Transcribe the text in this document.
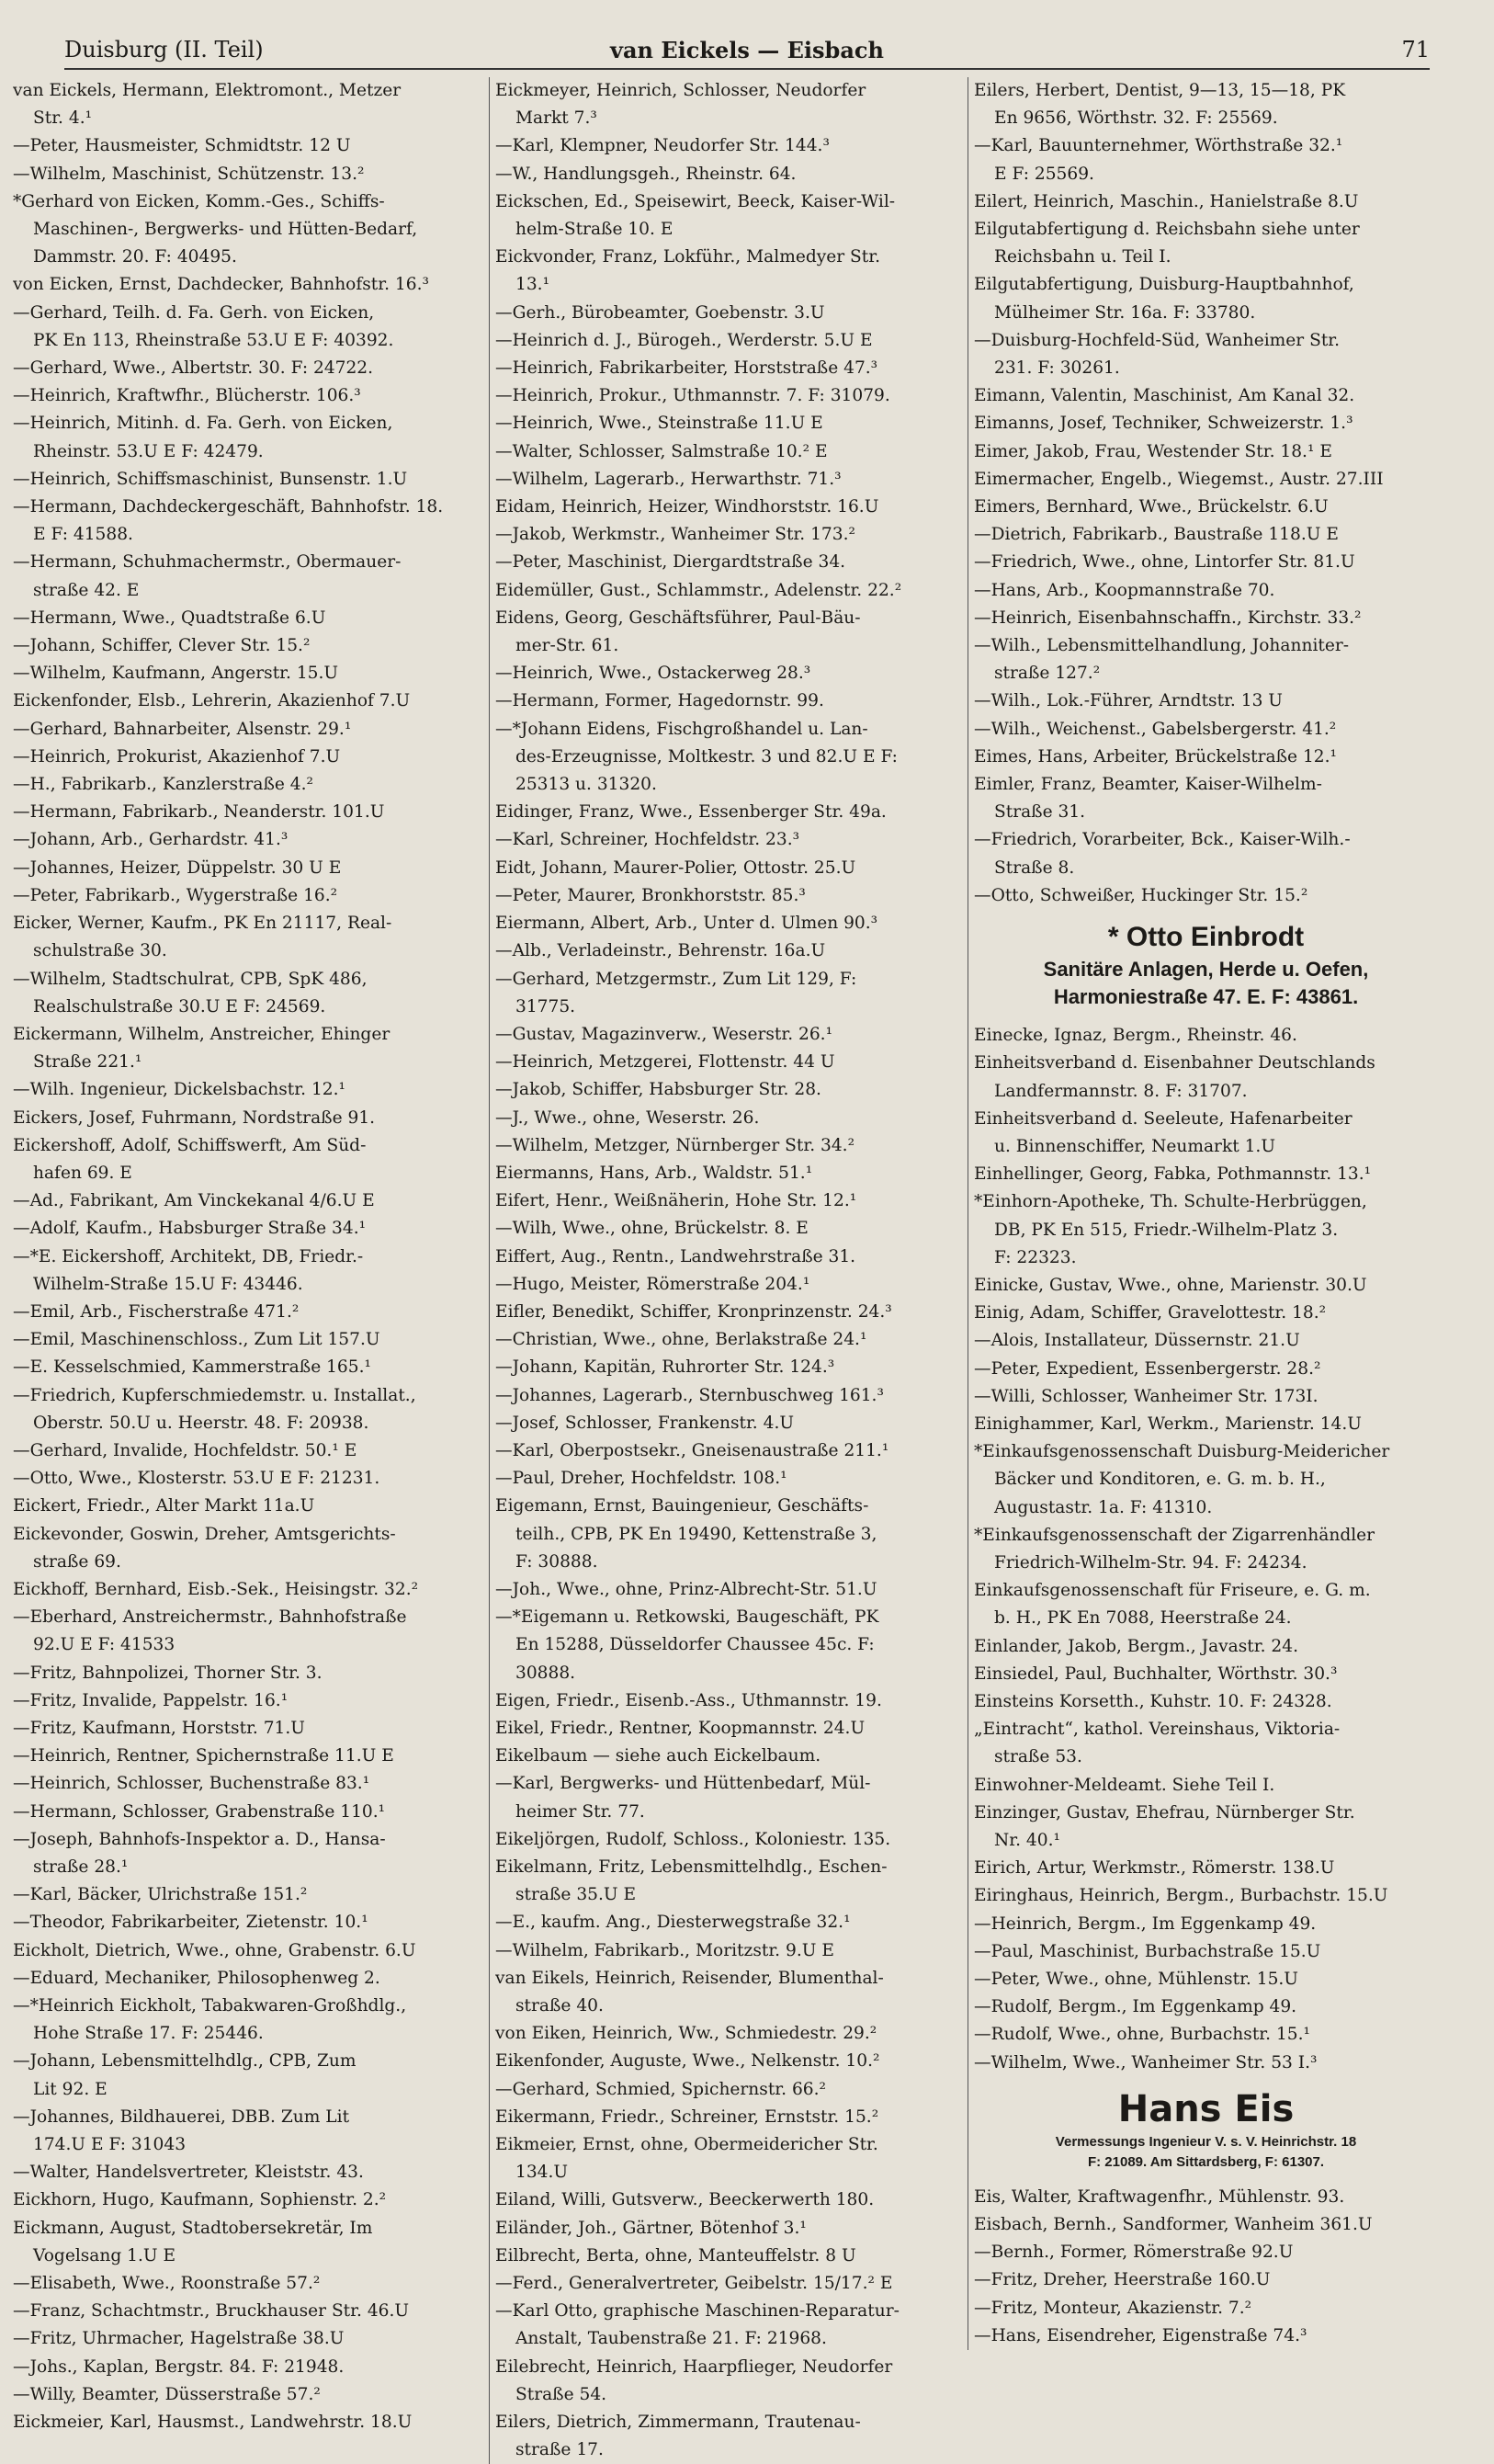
Duisburg (II. Teil)	van Eickels — Eisbach	71
van Eickels, Hermann, Elektromont., Metzer
Str. 4.¹
—Peter, Hausmeister, Schmidtstr. 12 U
—Wilhelm, Maschinist, Schützenstr. 13.²
*Gerhard von Eicken, Komm.-Ges., Schiffs-
Maschinen-, Bergwerks- und Hütten-Bedarf,
Dammstr. 20. F: 40495.
von Eicken, Ernst, Dachdecker, Bahnhofstr. 16.³
—Gerhard, Teilh. d. Fa. Gerh. von Eicken,
PK En 113, Rheinstraße 53.U E F: 40392.
—Gerhard, Wwe., Albertstr. 30. F: 24722.
—Heinrich, Kraftwfhr., Blücherstr. 106.³
—Heinrich, Mitinh. d. Fa. Gerh. von Eicken,
Rheinstr. 53.U E F: 42479.
—Heinrich, Schiffsmaschinist, Bunsenstr. 1.U
—Hermann, Dachdeckergeschäft, Bahnhofstr. 18.
E F: 41588.
—Hermann, Schuhmachermstr., Obermauer-
straße 42. E
—Hermann, Wwe., Quadtstraße 6.U
—Johann, Schiffer, Clever Str. 15.²
—Wilhelm, Kaufmann, Angerstr. 15.U
Eickenfonder, Elsb., Lehrerin, Akazienhof 7.U
—Gerhard, Bahnarbeiter, Alsenstr. 29.¹
—Heinrich, Prokurist, Akazienhof 7.U
—H., Fabrikarb., Kanzlerstraße 4.²
—Hermann, Fabrikarb., Neanderstr. 101.U
—Johann, Arb., Gerhardstr. 41.³
—Johannes, Heizer, Düppelstr. 30 U E
—Peter, Fabrikarb., Wygerstraße 16.²
Eicker, Werner, Kaufm., PK En 21117, Real-
schulstraße 30.
—Wilhelm, Stadtschulrat, CPB, SpK 486,
Realschulstraße 30.U E F: 24569.
Eickermann, Wilhelm, Anstreicher, Ehinger
Straße 221.¹
—Wilh. Ingenieur, Dickelsbachstr. 12.¹
Eickers, Josef, Fuhrmann, Nordstraße 91.
Eickershoff, Adolf, Schiffswerft, Am Süd-
hafen 69. E
—Ad., Fabrikant, Am Vinckekanal 4/6.U E
—Adolf, Kaufm., Habsburger Straße 34.¹
—*E. Eickershoff, Architekt, DB, Friedr.-
Wilhelm-Straße 15.U F: 43446.
—Emil, Arb., Fischerstraße 471.²
—Emil, Maschinenschloss., Zum Lit 157.U
—E. Kesselschmied, Kammerstraße 165.¹
—Friedrich, Kupferschmiedemstr. u. Installat.,
Oberstr. 50.U u. Heerstr. 48. F: 20938.
—Gerhard, Invalide, Hochfeldstr. 50.¹ E
—Otto, Wwe., Klosterstr. 53.U E F: 21231.
Eickert, Friedr., Alter Markt 11a.U
Eickevonder, Goswin, Dreher, Amtsgerichts-
straße 69.
Eickhoff, Bernhard, Eisb.-Sek., Heisingstr. 32.²
—Eberhard, Anstreichermstr., Bahnhofstraße
92.U E F: 41533
—Fritz, Bahnpolizei, Thorner Str. 3.
—Fritz, Invalide, Pappelstr. 16.¹
—Fritz, Kaufmann, Horststr. 71.U
—Heinrich, Rentner, Spichernstraße 11.U E
—Heinrich, Schlosser, Buchenstraße 83.¹
—Hermann, Schlosser, Grabenstraße 110.¹
—Joseph, Bahnhofs-Inspektor a. D., Hansa-
straße 28.¹
—Karl, Bäcker, Ulrichstraße 151.²
—Theodor, Fabrikarbeiter, Zietenstr. 10.¹
Eickholt, Dietrich, Wwe., ohne, Grabenstr. 6.U
—Eduard, Mechaniker, Philosophenweg 2.
—*Heinrich Eickholt, Tabakwaren-Großhdlg.,
Hohe Straße 17. F: 25446.
—Johann, Lebensmittelhdlg., CPB, Zum
Lit 92. E
—Johannes, Bildhauerei, DBB. Zum Lit
174.U E F: 31043
—Walter, Handelsvertreter, Kleiststr. 43.
Eickhorn, Hugo, Kaufmann, Sophienstr. 2.²
Eickmann, August, Stadtobersekretär, Im
Vogelsang 1.U E
—Elisabeth, Wwe., Roonstraße 57.²
—Franz, Schachtmstr., Bruckhauser Str. 46.U
—Fritz, Uhrmacher, Hagelstraße 38.U
—Johs., Kaplan, Bergstr. 84. F: 21948.
—Willy, Beamter, Düsserstraße 57.²
Eickmeier, Karl, Hausmst., Landwehrstr. 18.U
Eickmeyer, Heinrich, Schlosser, Neudorfer
Markt 7.³
—Karl, Klempner, Neudorfer Str. 144.³
—W., Handlungsgeh., Rheinstr. 64.
Eickschen, Ed., Speisewirt, Beeck, Kaiser-Wil-
helm-Straße 10. E
Eickvonder, Franz, Lokführ., Malmedyer Str.
13.¹
—Gerh., Bürobeamter, Goebenstr. 3.U
—Heinrich d. J., Bürogeh., Werderstr. 5.U E
—Heinrich, Fabrikarbeiter, Horststraße 47.³
—Heinrich, Prokur., Uthmannstr. 7. F: 31079.
—Heinrich, Wwe., Steinstraße 11.U E
—Walter, Schlosser, Salmstraße 10.² E
—Wilhelm, Lagerarb., Herwarthstr. 71.³
Eidam, Heinrich, Heizer, Windhorststr. 16.U
—Jakob, Werkmstr., Wanheimer Str. 173.²
—Peter, Maschinist, Diergardtstraße 34.
Eidemüller, Gust., Schlammstr., Adelenstr. 22.²
Eidens, Georg, Geschäftsführer, Paul-Bäu-
mer-Str. 61.
—Heinrich, Wwe., Ostackerweg 28.³
—Hermann, Former, Hagedornstr. 99.
—*Johann Eidens, Fischgroßhandel u. Lan-
des-Erzeugnisse, Moltkestr. 3 und 82.U E F:
25313 u. 31320.
Eidinger, Franz, Wwe., Essenberger Str. 49a.
—Karl, Schreiner, Hochfeldstr. 23.³
Eidt, Johann, Maurer-Polier, Ottostr. 25.U
—Peter, Maurer, Bronkhorststr. 85.³
Eiermann, Albert, Arb., Unter d. Ulmen 90.³
—Alb., Verladeinstr., Behrenstr. 16a.U
—Gerhard, Metzgermstr., Zum Lit 129, F:
31775.
—Gustav, Magazinverw., Weserstr. 26.¹
—Heinrich, Metzgerei, Flottenstr. 44 U
—Jakob, Schiffer, Habsburger Str. 28.
—J., Wwe., ohne, Weserstr. 26.
—Wilhelm, Metzger, Nürnberger Str. 34.²
Eiermanns, Hans, Arb., Waldstr. 51.¹
Eifert, Henr., Weißnäherin, Hohe Str. 12.¹
—Wilh, Wwe., ohne, Brückelstr. 8. E
Eiffert, Aug., Rentn., Landwehrstraße 31.
—Hugo, Meister, Römerstraße 204.¹
Eifler, Benedikt, Schiffer, Kronprinzenstr. 24.³
—Christian, Wwe., ohne, Berlakstraße 24.¹
—Johann, Kapitän, Ruhrorter Str. 124.³
—Johannes, Lagerarb., Sternbuschweg 161.³
—Josef, Schlosser, Frankenstr. 4.U
—Karl, Oberpostsekr., Gneisenaustraße 211.¹
—Paul, Dreher, Hochfeldstr. 108.¹
Eigemann, Ernst, Bauingenieur, Geschäfts-
teilh., CPB, PK En 19490, Kettenstraße 3,
F: 30888.
—Joh., Wwe., ohne, Prinz-Albrecht-Str. 51.U
—*Eigemann u. Retkowski, Baugeschäft, PK
En 15288, Düsseldorfer Chaussee 45c. F:
30888.
Eigen, Friedr., Eisenb.-Ass., Uthmannstr. 19.
Eikel, Friedr., Rentner, Koopmannstr. 24.U
Eikelbaum — siehe auch Eickelbaum.
—Karl, Bergwerks- und Hüttenbedarf, Mül-
heimer Str. 77.
Eikeljörgen, Rudolf, Schloss., Koloniestr. 135.
Eikelmann, Fritz, Lebensmittelhdlg., Eschen-
straße 35.U E
—E., kaufm. Ang., Diesterwegstraße 32.¹
—Wilhelm, Fabrikarb., Moritzstr. 9.U E
van Eikels, Heinrich, Reisender, Blumenthal-
straße 40.
von Eiken, Heinrich, Ww., Schmiedestr. 29.²
Eikenfonder, Auguste, Wwe., Nelkenstr. 10.²
—Gerhard, Schmied, Spichernstr. 66.²
Eikermann, Friedr., Schreiner, Ernststr. 15.²
Eikmeier, Ernst, ohne, Obermeidericher Str.
134.U
Eiland, Willi, Gutsverw., Beeckerwerth 180.
Eiländer, Joh., Gärtner, Bötenhof 3.¹
Eilbrecht, Berta, ohne, Manteuffelstr. 8 U
—Ferd., Generalvertreter, Geibelstr. 15/17.² E
—Karl Otto, graphische Maschinen-Reparatur-
Anstalt, Taubenstraße 21. F: 21968.
Eilebrecht, Heinrich, Haarpflieger, Neudorfer
Straße 54.
Eilers, Dietrich, Zimmermann, Trautenau-
straße 17.
Eilers, Herbert, Dentist, 9—13, 15—18, PK
En 9656, Wörthstr. 32. F: 25569.
—Karl, Bauunternehmer, Wörthstraße 32.¹
E F: 25569.
Eilert, Heinrich, Maschin., Hanielstraße 8.U
Eilgutabfertigung d. Reichsbahn siehe unter
Reichsbahn u. Teil I.
Eilgutabfertigung, Duisburg-Hauptbahnhof,
Mülheimer Str. 16a. F: 33780.
—Duisburg-Hochfeld-Süd, Wanheimer Str.
231. F: 30261.
Eimann, Valentin, Maschinist, Am Kanal 32.
Eimanns, Josef, Techniker, Schweizerstr. 1.³
Eimer, Jakob, Frau, Westender Str. 18.¹ E
Eimermacher, Engelb., Wiegemst., Austr. 27.III
Eimers, Bernhard, Wwe., Brückelstr. 6.U
—Dietrich, Fabrikarb., Baustraße 118.U E
—Friedrich, Wwe., ohne, Lintorfer Str. 81.U
—Hans, Arb., Koopmannstraße 70.
—Heinrich, Eisenbahnschaffn., Kirchstr. 33.²
—Wilh., Lebensmittelhandlung, Johanniter-
straße 127.²
—Wilh., Lok.-Führer, Arndtstr. 13 U
—Wilh., Weichenst., Gabelsbergerstr. 41.²
Eimes, Hans, Arbeiter, Brückelstraße 12.¹
Eimler, Franz, Beamter, Kaiser-Wilhelm-
Straße 31.
—Friedrich, Vorarbeiter, Bck., Kaiser-Wilh.-
Straße 8.
—Otto, Schweißer, Huckinger Str. 15.²
* Otto Einbrodt
Sanitäre Anlagen, Herde u. Oefen,
Harmoniestraße 47. E. F: 43861.
Einecke, Ignaz, Bergm., Rheinstr. 46.
Einheitsverband d. Eisenbahner Deutschlands
Landfermannstr. 8. F: 31707.
Einheitsverband d. Seeleute, Hafenarbeiter
u. Binnenschiffer, Neumarkt 1.U
Einhellinger, Georg, Fabka, Pothmannstr. 13.¹
*Einhorn-Apotheke, Th. Schulte-Herbrüggen,
DB, PK En 515, Friedr.-Wilhelm-Platz 3.
F: 22323.
Einicke, Gustav, Wwe., ohne, Marienstr. 30.U
Einig, Adam, Schiffer, Gravelottestr. 18.²
—Alois, Installateur, Düssernstr. 21.U
—Peter, Expedient, Essenbergerstr. 28.²
—Willi, Schlosser, Wanheimer Str. 173I.
Einighammer, Karl, Werkm., Marienstr. 14.U
*Einkaufsgenossenschaft Duisburg-Meidericher
Bäcker und Konditoren, e. G. m. b. H.,
Augustastr. 1a. F: 41310.
*Einkaufsgenossenschaft der Zigarrenhändler
Friedrich-Wilhelm-Str. 94. F: 24234.
Einkaufsgenossenschaft für Friseure, e. G. m.
b. H., PK En 7088, Heerstraße 24.
Einlander, Jakob, Bergm., Javastr. 24.
Einsiedel, Paul, Buchhalter, Wörthstr. 30.³
Einsteins Korsetth., Kuhstr. 10. F: 24328.
„Eintracht“, kathol. Vereinshaus, Viktoria-
straße 53.
Einwohner-Meldeamt. Siehe Teil I.
Einzinger, Gustav, Ehefrau, Nürnberger Str.
Nr. 40.¹
Eirich, Artur, Werkmstr., Römerstr. 138.U
Eiringhaus, Heinrich, Bergm., Burbachstr. 15.U
—Heinrich, Bergm., Im Eggenkamp 49.
—Paul, Maschinist, Burbachstraße 15.U
—Peter, Wwe., ohne, Mühlenstr. 15.U
—Rudolf, Bergm., Im Eggenkamp 49.
—Rudolf, Wwe., ohne, Burbachstr. 15.¹
—Wilhelm, Wwe., Wanheimer Str. 53 I.³
Hans Eis
Vermessungs Ingenieur V. s. V. Heinrichstr. 18
F: 21089. Am Sittardsberg, F: 61307.
Eis, Walter, Kraftwagenfhr., Mühlenstr. 93.
Eisbach, Bernh., Sandformer, Wanheim 361.U
—Bernh., Former, Römerstraße 92.U
—Fritz, Dreher, Heerstraße 160.U
—Fritz, Monteur, Akazienstr. 7.²
—Hans, Eisendreher, Eigenstraße 74.³
